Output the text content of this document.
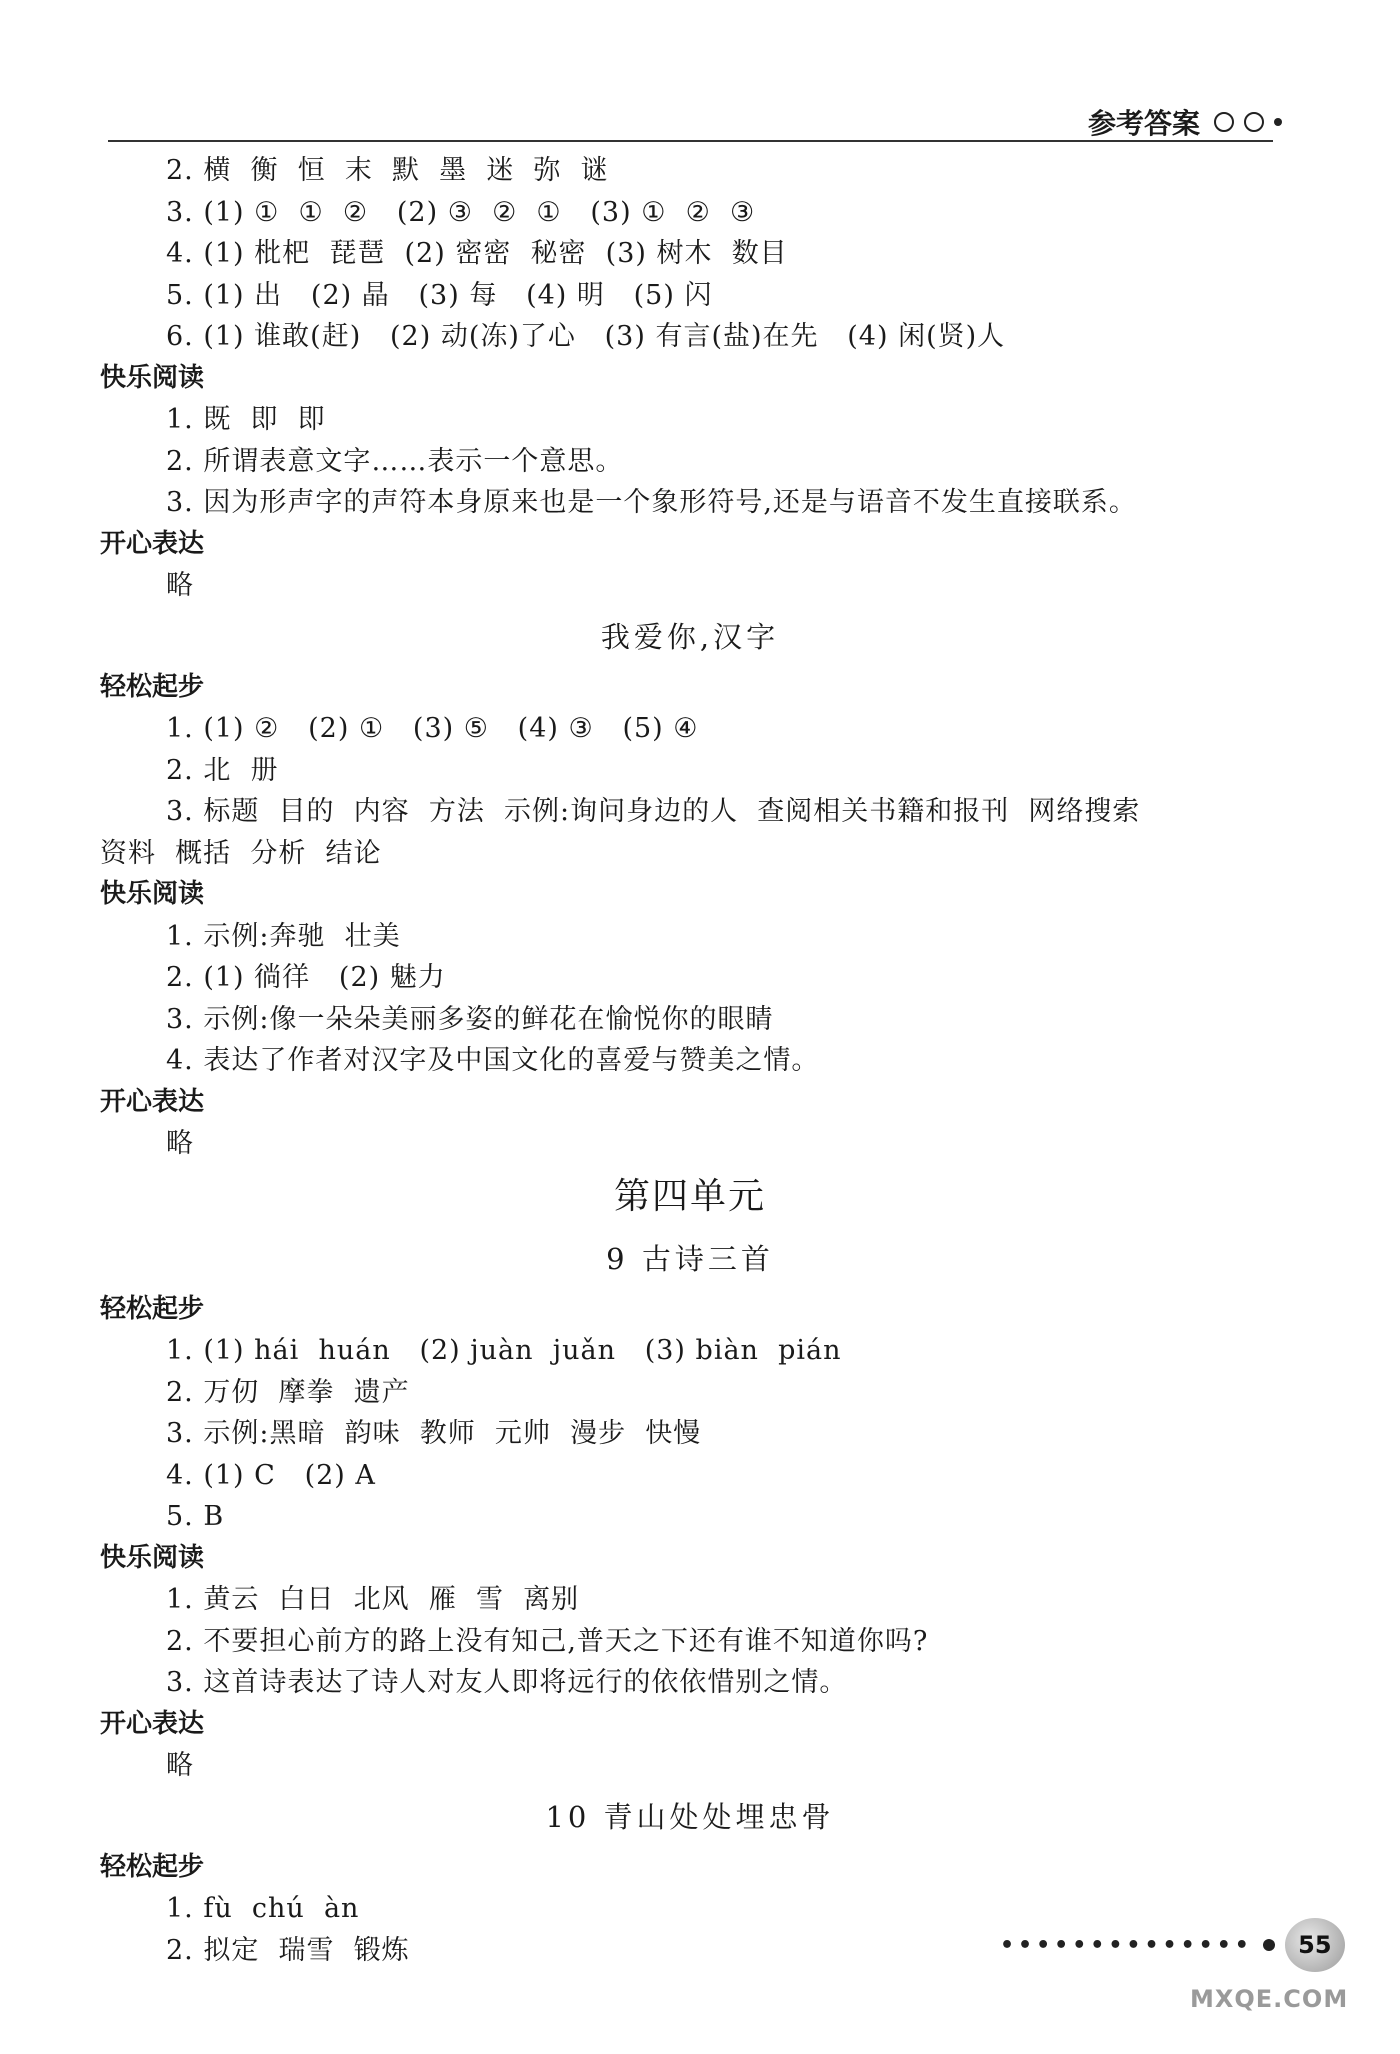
参考答案
2. 横  衡  恒  末  默  墨  迷  弥  谜
3. (1) ①  ①  ②   (2) ③  ②  ①   (3) ①  ②  ③
4. (1) 枇杷  琵琶  (2) 密密  秘密  (3) 树木  数目
5. (1) 出   (2) 晶   (3) 每   (4) 明   (5) 闪
6. (1) 谁敢(赶)   (2) 动(冻)了心   (3) 有言(盐)在先   (4) 闲(贤)人
快乐阅读
1. 既  即  即
2. 所谓表意文字……表示一个意思。
3. 因为形声字的声符本身原来也是一个象形符号,还是与语音不发生直接联系。
开心表达
略
我爱你,汉字
轻松起步
1. (1) ②   (2) ①   (3) ⑤   (4) ③   (5) ④
2. 北  册
3. 标题  目的  内容  方法  示例:询问身边的人  查阅相关书籍和报刊  网络搜索
资料  概括  分析  结论
快乐阅读
1. 示例:奔驰  壮美
2. (1) 徜徉   (2) 魅力
3. 示例:像一朵朵美丽多姿的鲜花在愉悦你的眼睛
4. 表达了作者对汉字及中国文化的喜爱与赞美之情。
开心表达
略
第四单元
9 古诗三首
轻松起步
1. (1) hái  huán   (2) juàn  juǎn   (3) biàn  pián
2. 万仞  摩拳  遗产
3. 示例:黑暗  韵味  教师  元帅  漫步  快慢
4. (1) C   (2) A
5. B
快乐阅读
1. 黄云  白日  北风  雁  雪  离别
2. 不要担心前方的路上没有知己,普天之下还有谁不知道你吗?
3. 这首诗表达了诗人对友人即将远行的依依惜别之情。
开心表达
略
10 青山处处埋忠骨
轻松起步
1. fù  chú  àn
2. 拟定  瑞雪  锻炼	••••••••••••••	55
MXQE.COM
